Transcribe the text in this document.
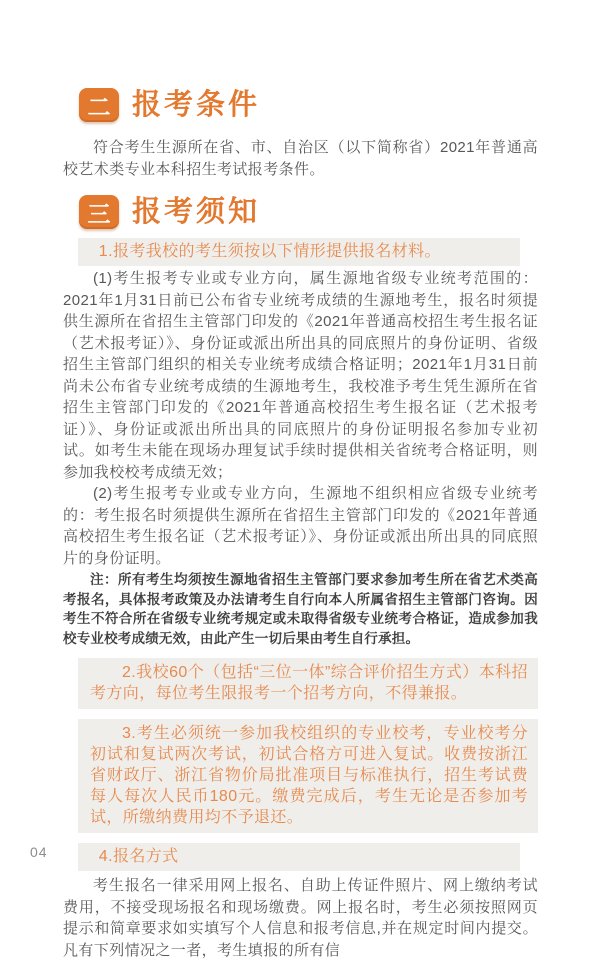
二 报考条件

符合考生生源所在省、市、自治区（以下简称省）2021年普通高校艺术类专业本科招生考试报考条件。

三 报考须知
1.报考我校的考生须按以下情形提供报名材料。

(1)考生报考专业或专业方向，属生源地省级专业统考范围的：2021年1月31日前已公布省专业统考成绩的生源地考生，报名时须提供生源所在省招生主管部门印发的《2021年普通高校招生考生报名证（艺术报考证）》、身份证或派出所出具的同底照片的身份证明、省级招生主管部门组织的相关专业统考成绩合格证明；2021年1月31日前尚未公布省专业统考成绩的生源地考生，我校准予考生凭生源所在省招生主管部门印发的《2021年普通高校招生考生报名证（艺术报考证）》、身份证或派出所出具的同底照片的身份证明报名参加专业初试。如考生未能在现场办理复试手续时提供相关省统考合格证明，则参加我校校考成绩无效；

(2)考生报考专业或专业方向，生源地不组织相应省级专业统考的：考生报名时须提供生源所在省招生主管部门印发的《2021年普通高校招生考生报名证（艺术报考证）》、身份证或派出所出具的同底照片的身份证明。

注：所有考生均须按生源地省招生主管部门要求参加考生所在省艺术类高考报名，具体报考政策及办法请考生自行向本人所属省招生主管部门咨询。因考生不符合所在省级专业统考规定或未取得省级专业统考合格证，造成参加我校专业校考成绩无效，由此产生一切后果由考生自行承担。

2.我校60个（包括“三位一体”综合评价招生方式）本科招考方向，每位考生限报考一个招考方向，不得兼报。
3.考生必须统一参加我校组织的专业校考，专业校考分初试和复试两次考试，初试合格方可进入复试。收费按浙江省财政厅、浙江省物价局批准项目与标准执行，招生考试费每人每次人民币180元。缴费完成后，考生无论是否参加考试，所缴纳费用均不予退还。
4.报名方式

考生报名一律采用网上报名、自助上传证件照片、网上缴纳考试费用，不接受现场报名和现场缴费。网上报名时，考生必须按照网页提示和简章要求如实填写个人信息和报考信息,并在规定时间内提交。凡有下列情况之一者，考生填报的所有信

04
